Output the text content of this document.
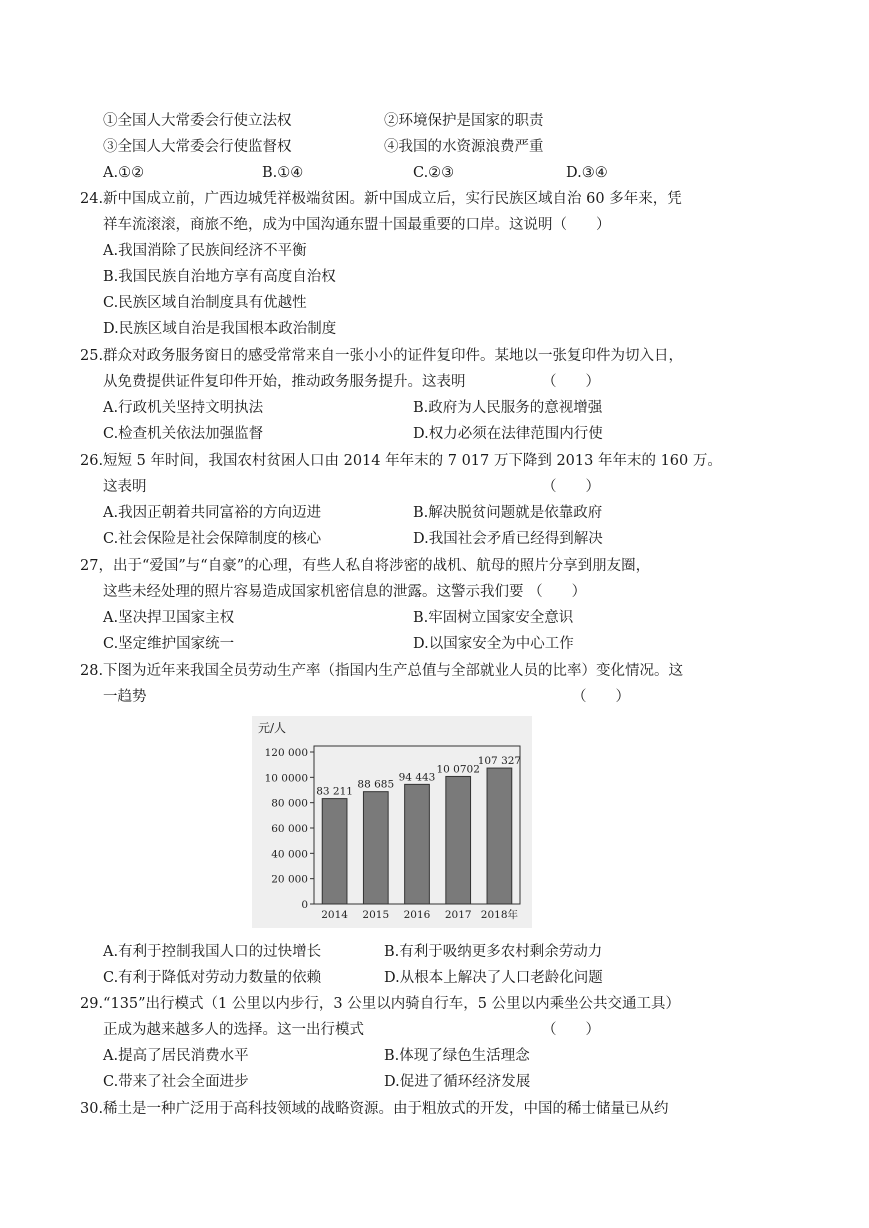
①全国人大常委会行使立法权	②环境保护是国家的职责
③全国人大常委会行使监督权	④我国的水资源浪费严重
A.①②	B.①④	C.②③	D.③④
24.新中国成立前，广西边城凭祥极端贫困。新中国成立后，实行民族区域自治 60 多年来，凭
祥车流滚滚，商旅不绝，成为中国沟通东盟十国最重要的口岸。这说明（　　）
A.我国消除了民族间经济不平衡
B.我国民族自治地方享有高度自治权
C.民族区域自治制度具有优越性
D.民族区域自治是我国根本政治制度
25.群众对政务服务窗日的感受常常来自一张小小的证件复印件。某地以一张复印件为切入日，
从免费提供证件复印件开始，推动政务服务提升。这表明	（　　）
A.行政机关坚持文明执法	B.政府为人民服务的意视增强
C.检查机关依法加强监督	D.权力必须在法律范围内行使
26.短短 5 年时间，我国农村贫困人口由 2014 年年末的 7 017 万下降到 2013 年年末的 160 万。
这表明	（　　）
A.我因正朝着共同富裕的方向迈进	B.解决脱贫问题就是依靠政府
C.社会保险是社会保障制度的核心	D.我国社会矛盾已经得到解决
27，出于“爱国”与“自豪”的心理，有些人私自将涉密的战机、航母的照片分享到朋友圈，
这些未经处理的照片容易造成国家机密信息的泄露。这警示我们要 （　　）
A.坚决捍卫国家主权	B.牢固树立国家安全意识
C.坚定维护国家统一	D.以国家安全为中心工作
28.下图为近年来我国全员劳动生产率（指国内生产总值与全部就业人员的比率）变化情况。这
一趋势	（　　）
元/人
120 000
10 0000
80 000
60 000
40 000
20 000
0
83 211
2014
88 685
2015
94 443
2016
10 0702
2017
107 327
2018年
A.有利于控制我国人口的过快增长	B.有利于吸纳更多农村剩余劳动力
C.有利于降低对劳动力数量的依赖	D.从根本上解决了人口老龄化问题
29.“135”出行模式（1 公里以内步行，3 公里以内骑自行车，5 公里以内乘坐公共交通工具）
正成为越来越多人的选择。这一出行模式	（　　）
A.提高了居民消费水平	B.体现了绿色生活理念
C.带来了社会全面进步	D.促进了循环经济发展
30.稀土是一种广泛用于高科技领域的战略资源。由于粗放式的开发，中国的稀士储量已从约
